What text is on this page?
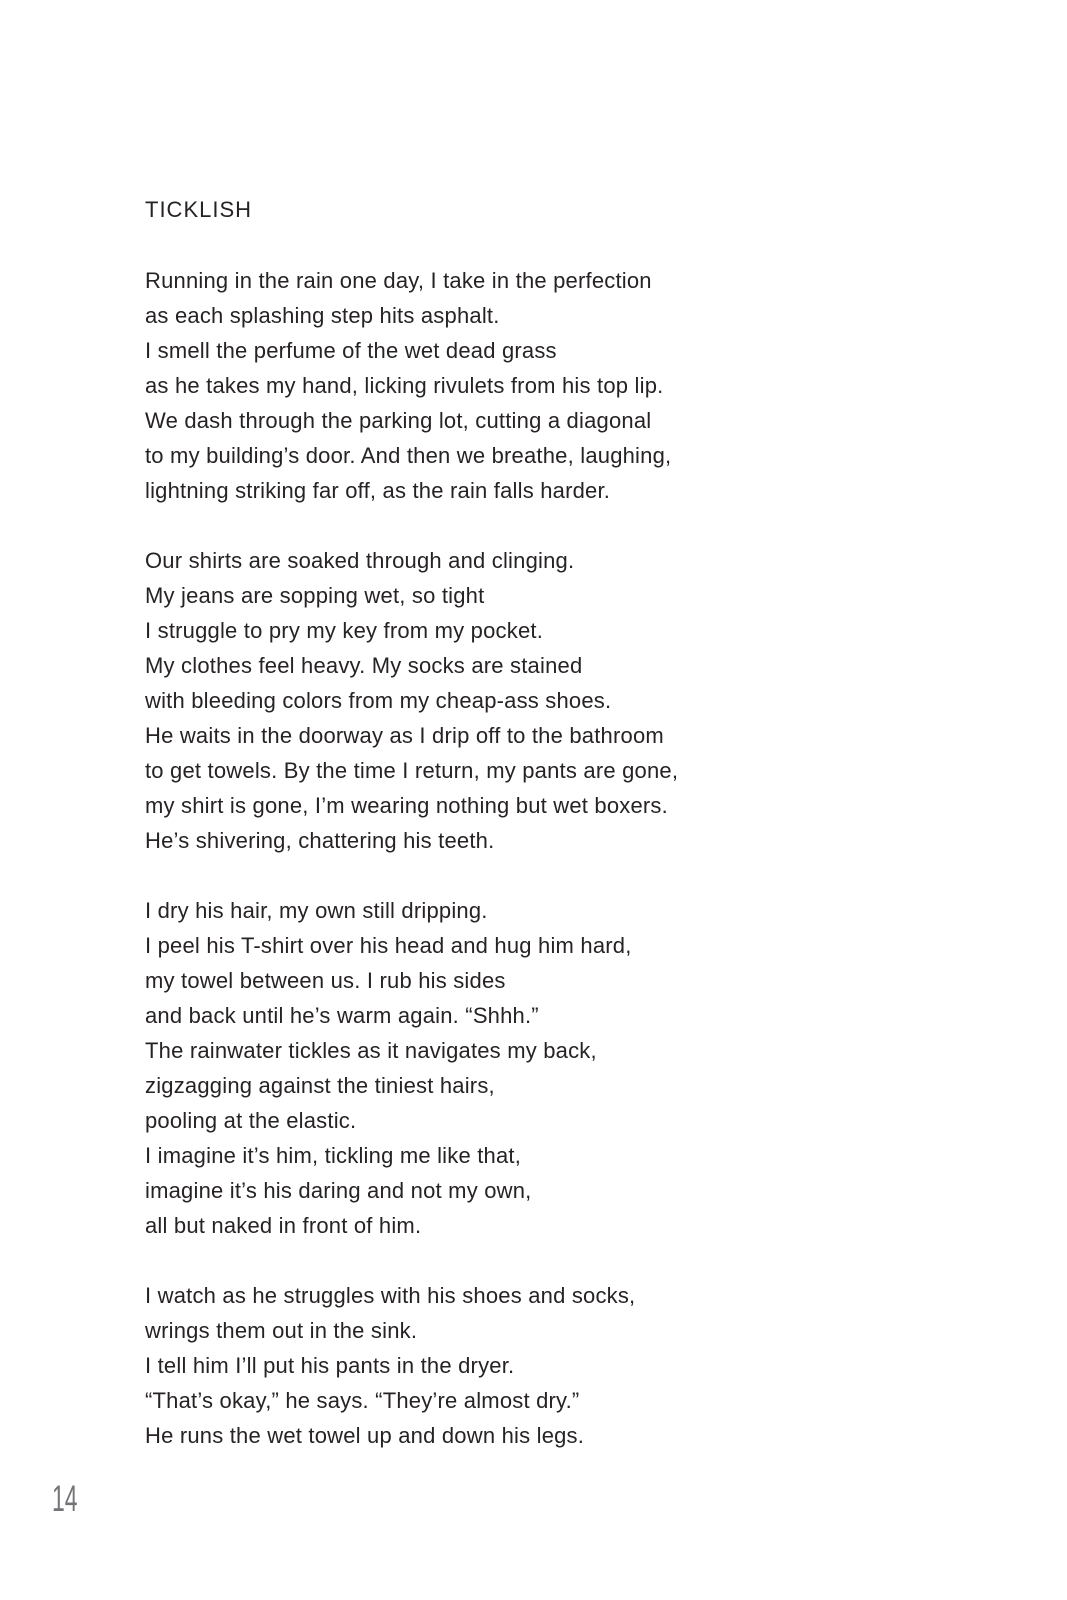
TICKLISH

Running in the rain one day, I take in the perfection
as each splashing step hits asphalt.
I smell the perfume of the wet dead grass
as he takes my hand, licking rivulets from his top lip.
We dash through the parking lot, cutting a diagonal
to my building’s door. And then we breathe, laughing,
lightning striking far off, as the rain falls harder.

Our shirts are soaked through and clinging.
My jeans are sopping wet, so tight
I struggle to pry my key from my pocket.
My clothes feel heavy. My socks are stained
with bleeding colors from my cheap-ass shoes.
He waits in the doorway as I drip off to the bathroom
to get towels. By the time I return, my pants are gone,
my shirt is gone, I’m wearing nothing but wet boxers.
He’s shivering, chattering his teeth.

I dry his hair, my own still dripping.
I peel his T-shirt over his head and hug him hard,
my towel between us. I rub his sides
and back until he’s warm again. “Shhh.”
The rainwater tickles as it navigates my back,
zigzagging against the tiniest hairs,
pooling at the elastic.
I imagine it’s him, tickling me like that,
imagine it’s his daring and not my own,
all but naked in front of him.

I watch as he struggles with his shoes and socks,
wrings them out in the sink.
I tell him I’ll put his pants in the dryer.
“That’s okay,” he says. “They’re almost dry.”
He runs the wet towel up and down his legs.

14
